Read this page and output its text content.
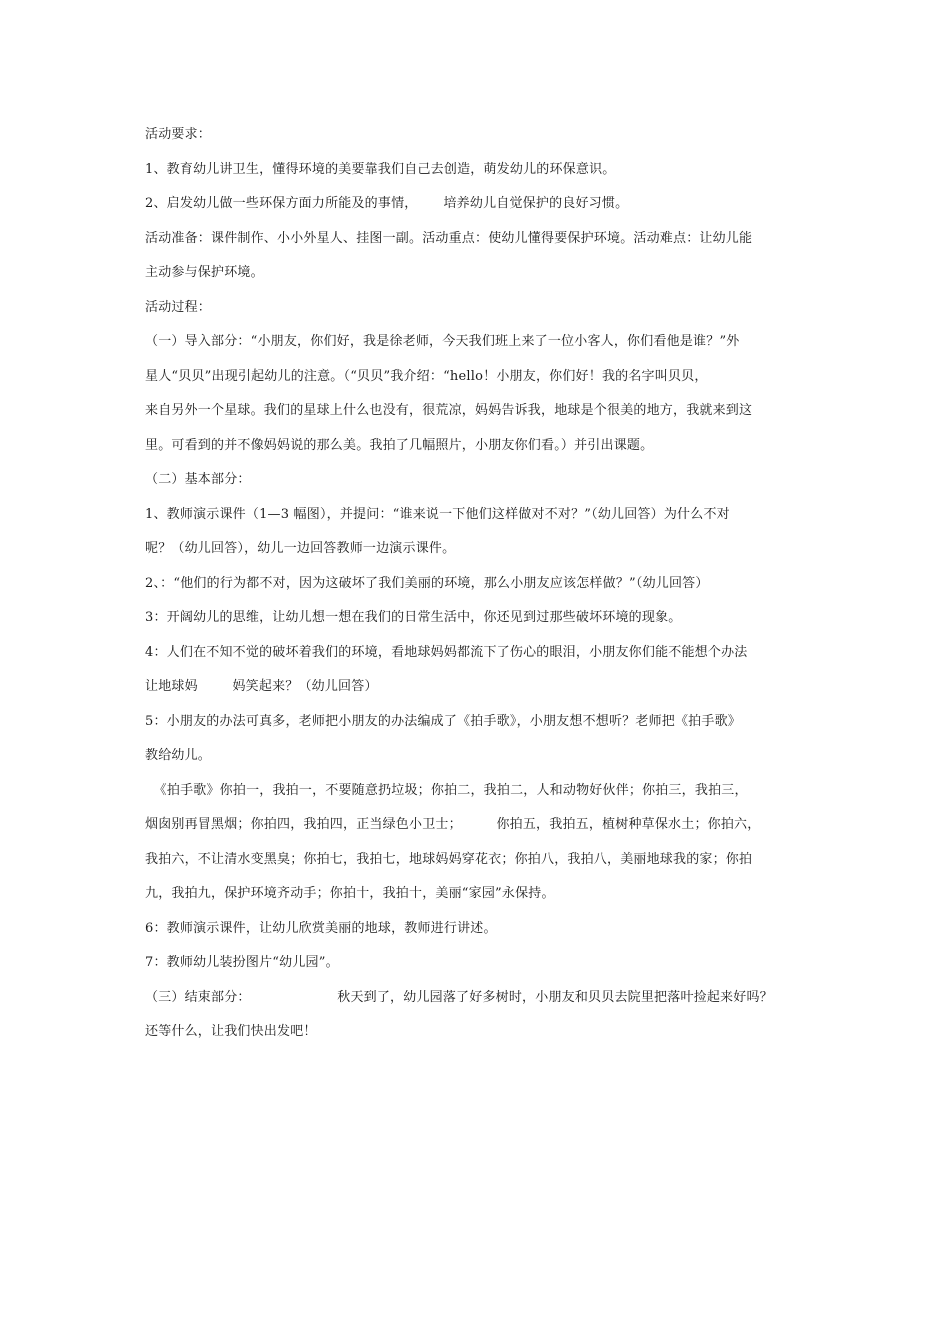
活动要求：
1、教育幼儿讲卫生，懂得环境的美要靠我们自己去创造，萌发幼儿的环保意识。
2、启发幼儿做一些环保方面力所能及的事情，      培养幼儿自觉保护的良好习惯。
活动准备：课件制作、小小外星人、挂图一副。活动重点：使幼儿懂得要保护环境。活动难点：让幼儿能
主动参与保护环境。
活动过程：
（一）导入部分：“小朋友，你们好，我是徐老师，今天我们班上来了一位小客人，你们看他是谁？”外
星人“贝贝”出现引起幼儿的注意。（“贝贝”我介绍：“hello！小朋友，你们好！我的名字叫贝贝，
来自另外一个星球。我们的星球上什么也没有，很荒凉，妈妈告诉我，地球是个很美的地方，我就来到这
里。可看到的并不像妈妈说的那么美。我拍了几幅照片，小朋友你们看。）并引出课题。
（二）基本部分：
1、教师演示课件（1—3 幅图），并提问：“谁来说一下他们这样做对不对？”（幼儿回答）为什么不对
呢？（幼儿回答），幼儿一边回答教师一边演示课件。
2、：“他们的行为都不对，因为这破坏了我们美丽的环境，那么小朋友应该怎样做？”（幼儿回答）
3：开阔幼儿的思维，让幼儿想一想在我们的日常生活中，你还见到过那些破坏环境的现象。
4：人们在不知不觉的破坏着我们的环境，看地球妈妈都流下了伤心的眼泪，小朋友你们能不能想个办法
让地球妈        妈笑起来？（幼儿回答）
5：小朋友的办法可真多，老师把小朋友的办法编成了《拍手歌》，小朋友想不想听？老师把《拍手歌》
教给幼儿。
《拍手歌》你拍一，我拍一，不要随意扔垃圾；你拍二，我拍二，人和动物好伙伴；你拍三，我拍三，
烟囱别再冒黑烟；你拍四，我拍四，正当绿色小卫士；        你拍五，我拍五，植树种草保水土；你拍六，
我拍六，不让清水变黑臭；你拍七，我拍七，地球妈妈穿花衣；你拍八，我拍八，美丽地球我的家；你拍
九，我拍九，保护环境齐动手；你拍十，我拍十，美丽“家园”永保持。
6：教师演示课件，让幼儿欣赏美丽的地球，教师进行讲述。
7：教师幼儿装扮图片“幼儿园”。
（三）结束部分：                    秋天到了，幼儿园落了好多树时，小朋友和贝贝去院里把落叶捡起来好吗？
还等什么，让我们快出发吧！
